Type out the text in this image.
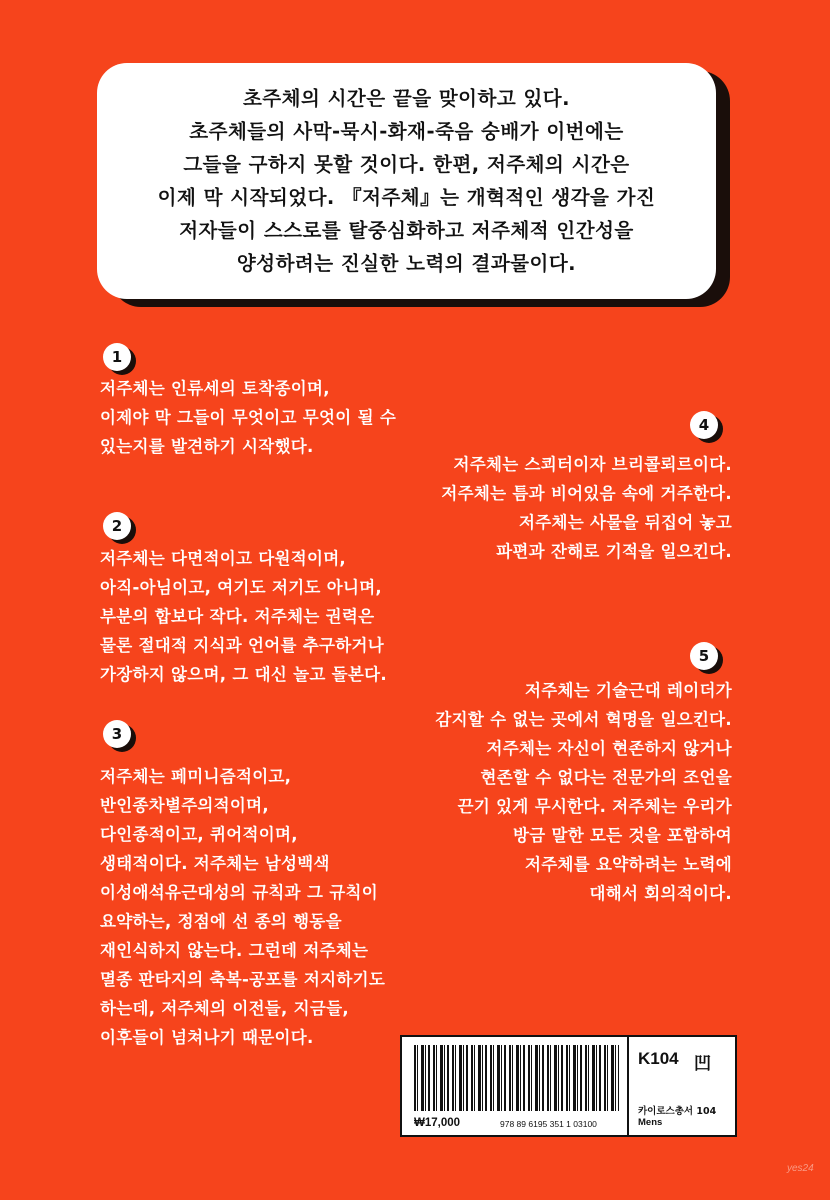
초주체의 시간은 끝을 맞이하고 있다.
초주체들의 사막-묵시-화재-죽음 숭배가 이번에는
그들을 구하지 못할 것이다. 한편, 저주체의 시간은
이제 막 시작되었다. 『저주체』는 개혁적인 생각을 가진
저자들이 스스로를 탈중심화하고 저주체적 인간성을
양성하려는 진실한 노력의 결과물이다.
1
저주체는 인류세의 토착종이며,
이제야 막 그들이 무엇이고 무엇이 될 수
있는지를 발견하기 시작했다.
2
저주체는 다면적이고 다원적이며,
아직-아님이고, 여기도 저기도 아니며,
부분의 합보다 작다. 저주체는 권력은
물론 절대적 지식과 언어를 추구하거나
가장하지 않으며, 그 대신 놀고 돌본다.
3
저주체는 페미니즘적이고,
반인종차별주의적이며,
다인종적이고, 퀴어적이며,
생태적이다. 저주체는 남성백색
이성애석유근대성의 규칙과 그 규칙이
요약하는, 정점에 선 종의 행동을
재인식하지 않는다. 그런데 저주체는
멸종 판타지의 축복-공포를 저지하기도
하는데, 저주체의 이전들, 지금들,
이후들이 넘쳐나기 때문이다.
4
저주체는 스쾨터이자 브리콜뢰르이다.
저주체는 틈과 비어있음 속에 거주한다.
저주체는 사물을 뒤집어 놓고
파편과 잔해로 기적을 일으킨다.
5
저주체는 기술근대 레이더가
감지할 수 없는 곳에서 혁명을 일으킨다.
저주체는 자신이 현존하지 않거나
현존할 수 없다는 전문가의 조언을
끈기 있게 무시한다. 저주체는 우리가
방금 말한 모든 것을 포함하여
저주체를 요약하려는 노력에
대해서 회의적이다.
₩17,000	978 89 6195 351 1 03100
K104 凹
카이로스총서 104
Mens
yes24
